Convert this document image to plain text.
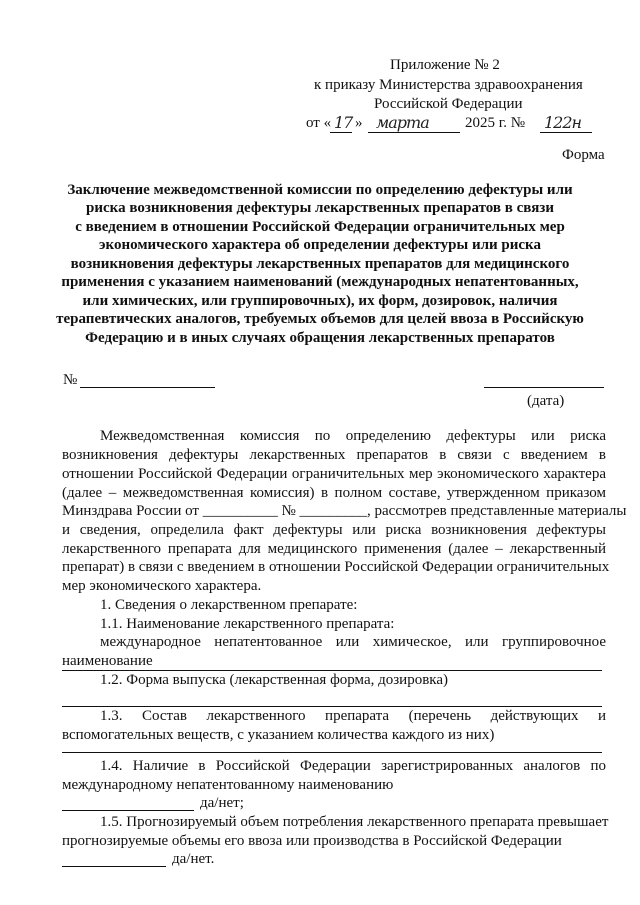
Приложение № 2
к приказу Министерства здравоохранения
Российской Федерации
от « 17 » марта 2025 г. № 122н
Форма
Заключение межведомственной комиссии по определению дефектуры или
риска возникновения дефектуры лекарственных препаратов в связи
с введением в отношении Российской Федерации ограничительных мер
экономического характера об определении дефектуры или риска
возникновения дефектуры лекарственных препаратов для медицинского
применения с указанием наименований (международных непатентованных,
или химических, или группировочных), их форм, дозировок, наличия
терапевтических аналогов, требуемых объемов для целей ввоза в Российскую
Федерацию и в иных случаях обращения лекарственных препаратов
№
(дата)
Межведомственная комиссия по определению дефектуры или риска
возникновения дефектуры лекарственных препаратов в связи с введением в
отношении Российской Федерации ограничительных мер экономического характера
(далее – межведомственная комиссия) в полном составе, утвержденном приказом
Минздрава России от __________ № _________, рассмотрев представленные материалы
и сведения, определила факт дефектуры или риска возникновения дефектуры
лекарственного препарата для медицинского применения (далее – лекарственный
препарат) в связи с введением в отношении Российской Федерации ограничительных
мер экономического характера.
1. Сведения о лекарственном препарате:
1.1. Наименование лекарственного препарата:
международное непатентованное или химическое, или группировочное
наименование
1.2. Форма выпуска (лекарственная форма, дозировка)
1.3. Состав лекарственного препарата (перечень действующих и
вспомогательных веществ, с указанием количества каждого из них)
1.4. Наличие в Российской Федерации зарегистрированных аналогов по
международному непатентованному наименованию
да/нет;
1.5. Прогнозируемый объем потребления лекарственного препарата превышает
прогнозируемые объемы его ввоза или производства в Российской Федерации
да/нет.
